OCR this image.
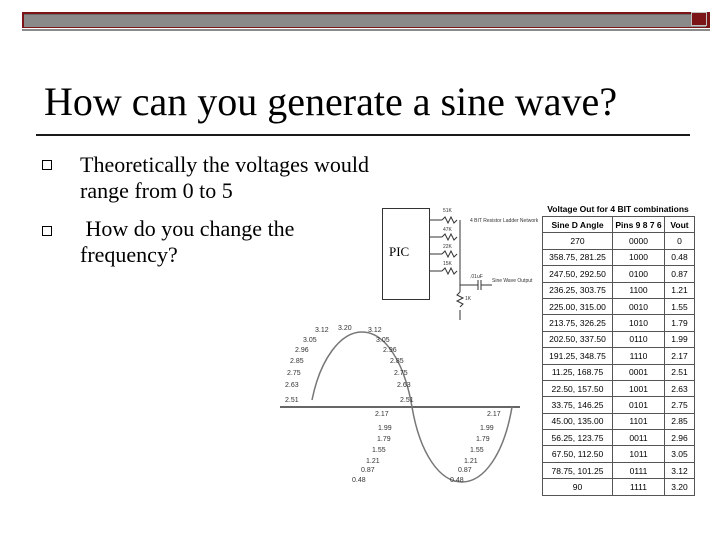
How can you generate a sine wave?
Theoretically the voltages would range from 0 to 5
How do you change the frequency?	PIC
51K
47K
22K
15K
1K
4 BIT Resistor Ladder Network
.01uF
Sine Wave Output
2.51
2.63
2.75
2.85
2.96
3.05
3.12 3.20 3.12
3.05
2.96
2.85
2.75
2.63
2.51
2.17
1.99
1.79
1.55
1.21
0.87
0.48	0.48
0.87
1.21
1.55
1.79
1.99
2.17
Voltage Out for 4 BIT combinations
Sine D Angle	Pins 9 8 7 6	Vout
270	0000	0
358.75, 281.25	1000	0.48
247.50, 292.50	0100	0.87
236.25, 303.75	1100	1.21
225.00, 315.00	0010	1.55
213.75, 326.25	1010	1.79
202.50, 337.50	0110	1.99
191.25, 348.75	1110	2.17
11.25, 168.75	0001	2.51
22.50, 157.50	1001	2.63
33.75, 146.25	0101	2.75
45.00, 135.00	1101	2.85
56.25, 123.75	0011	2.96
67.50, 112.50	1011	3.05
78.75, 101.25	0111	3.12
90	1111	3.20
